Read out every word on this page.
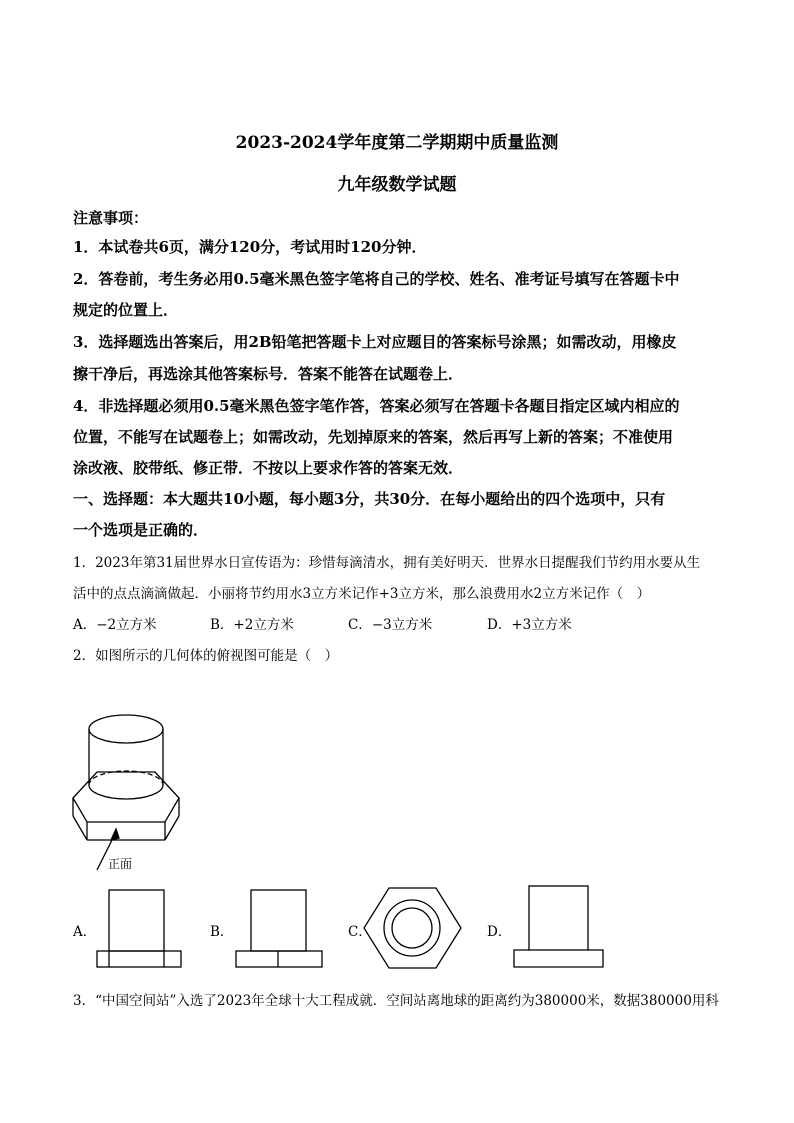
2023-2024学年度第二学期期中质量监测
九年级数学试题
注意事项：
1．本试卷共6页，满分120分，考试用时120分钟．
2．答卷前，考生务必用0.5毫米黑色签字笔将自己的学校、姓名、准考证号填写在答题卡中
规定的位置上．
3．选择题选出答案后，用2B铅笔把答题卡上对应题目的答案标号涂黑；如需改动，用橡皮
擦干净后，再选涂其他答案标号．答案不能答在试题卷上．
4．非选择题必须用0.5毫米黑色签字笔作答，答案必须写在答题卡各题目指定区域内相应的
位置，不能写在试题卷上；如需改动，先划掉原来的答案，然后再写上新的答案；不准使用
涂改液、胶带纸、修正带．不按以上要求作答的答案无效．
一、选择题：本大题共10小题，每小题3分，共30分．在每小题给出的四个选项中，只有
一个选项是正确的．
1．2023年第31届世界水日宣传语为：珍惜每滴清水，拥有美好明天．世界水日提醒我们节约用水要从生
活中的点点滴滴做起．小丽将节约用水3立方米记作+3立方米，那么浪费用水2立方米记作（　）
A．−2立方米	B．+2立方米	C．−3立方米	D．+3立方米
2．如图所示的几何体的俯视图可能是（　）
正面
A．	B．	C．	D．
3．“中国空间站”入选了2023年全球十大工程成就．空间站离地球的距离约为380000米，数据380000用科
